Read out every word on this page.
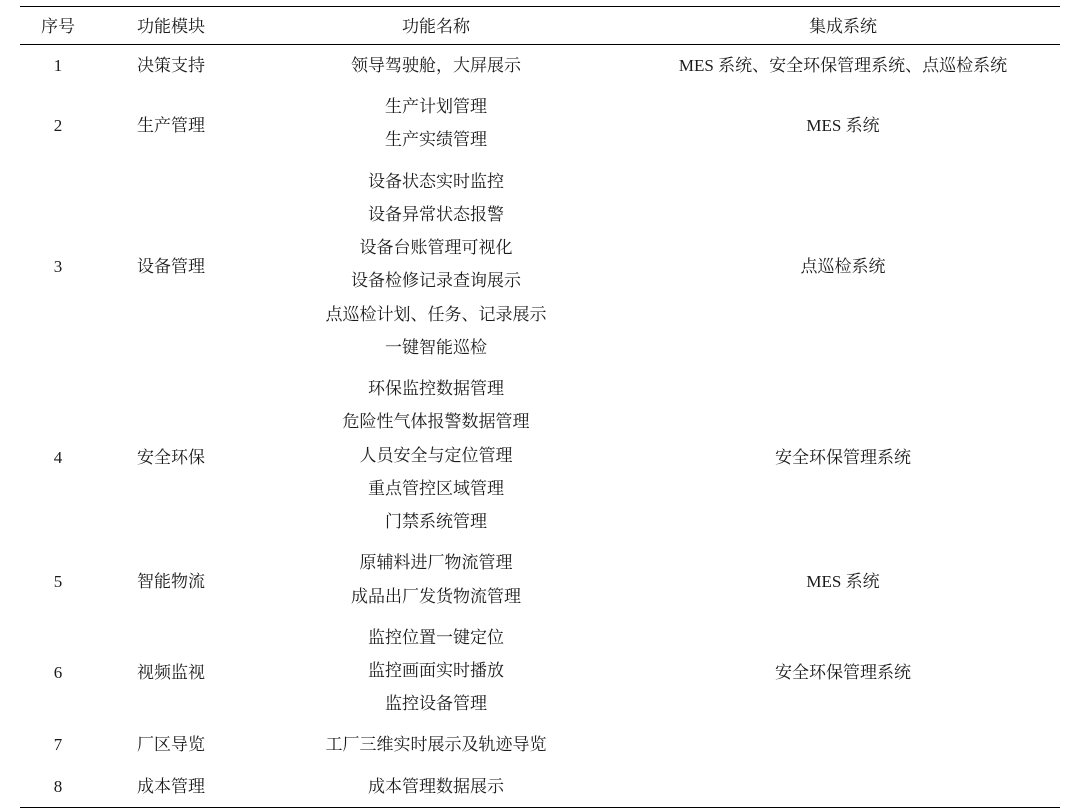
序号	功能模块	功能名称	集成系统
1	决策支持	领导驾驶舱，大屏展示	MES 系统、安全环保管理系统、点巡检系统
2	生产管理	生产计划管理	MES 系统
		生产实绩管理	
3	设备管理	设备状态实时监控	点巡检系统
		设备异常状态报警	
		设备台账管理可视化	
		设备检修记录查询展示	
		点巡检计划、任务、记录展示	
		一键智能巡检	
4	安全环保	环保监控数据管理	安全环保管理系统
		危险性气体报警数据管理	
		人员安全与定位管理	
		重点管控区域管理	
		门禁系统管理	
5	智能物流	原辅料进厂物流管理	MES 系统
		成品出厂发货物流管理	
6	视频监视	监控位置一键定位	安全环保管理系统
		监控画面实时播放	
		监控设备管理	
7	厂区导览	工厂三维实时展示及轨迹导览	
8	成本管理	成本管理数据展示	
